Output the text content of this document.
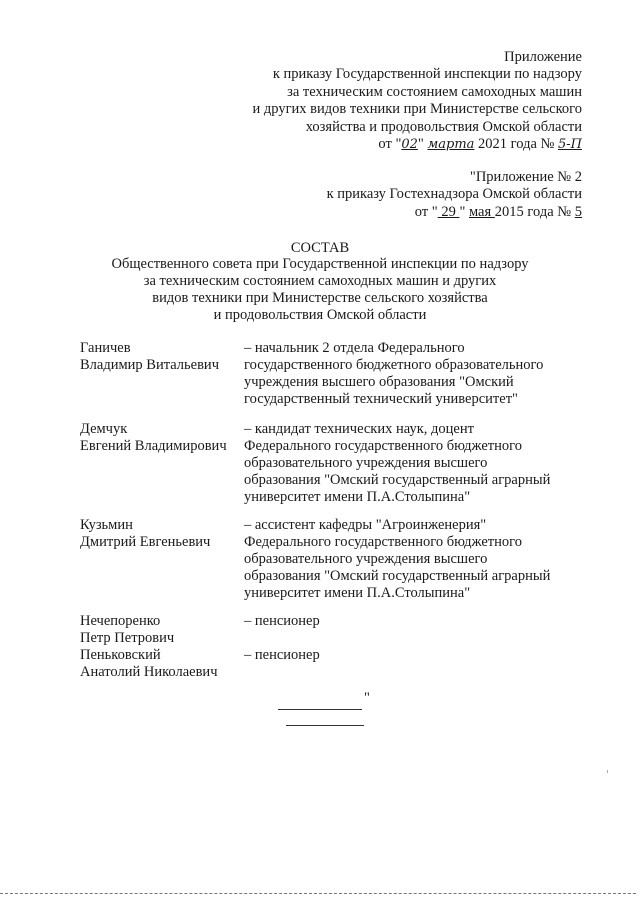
Приложение
к приказу Государственной инспекции по надзору
за техническим состоянием самоходных машин
и других видов техники при Министерстве сельского
хозяйства и продовольствия Омской области
от "02" марта 2021 года № 5-П
"Приложение № 2
к приказу Гостехнадзора Омской области
от " 29 " мая 2015 года № 5
СОСТАВ
Общественного совета при Государственной инспекции по надзору
за техническим состоянием самоходных машин и других
видов техники при Министерстве сельского хозяйства
и продовольствия Омской области
Ганичев
Владимир Витальевич
– начальник 2 отдела Федерального
государственного бюджетного образовательного
учреждения высшего образования "Омский
государственный технический университет"
Демчук
Евгений Владимирович
– кандидат технических наук, доцент
Федерального государственного бюджетного
образовательного учреждения высшего
образования "Омский государственный аграрный
университет имени П.А.Столыпина"
Кузьмин
Дмитрий Евгеньевич
– ассистент кафедры "Агроинженерия"
Федерального государственного бюджетного
образовательного учреждения высшего
образования "Омский государственный аграрный
университет имени П.А.Столыпина"
Нечепоренко
Петр Петрович
– пенсионер
Пеньковский
Анатолий Николаевич
– пенсионер
"
